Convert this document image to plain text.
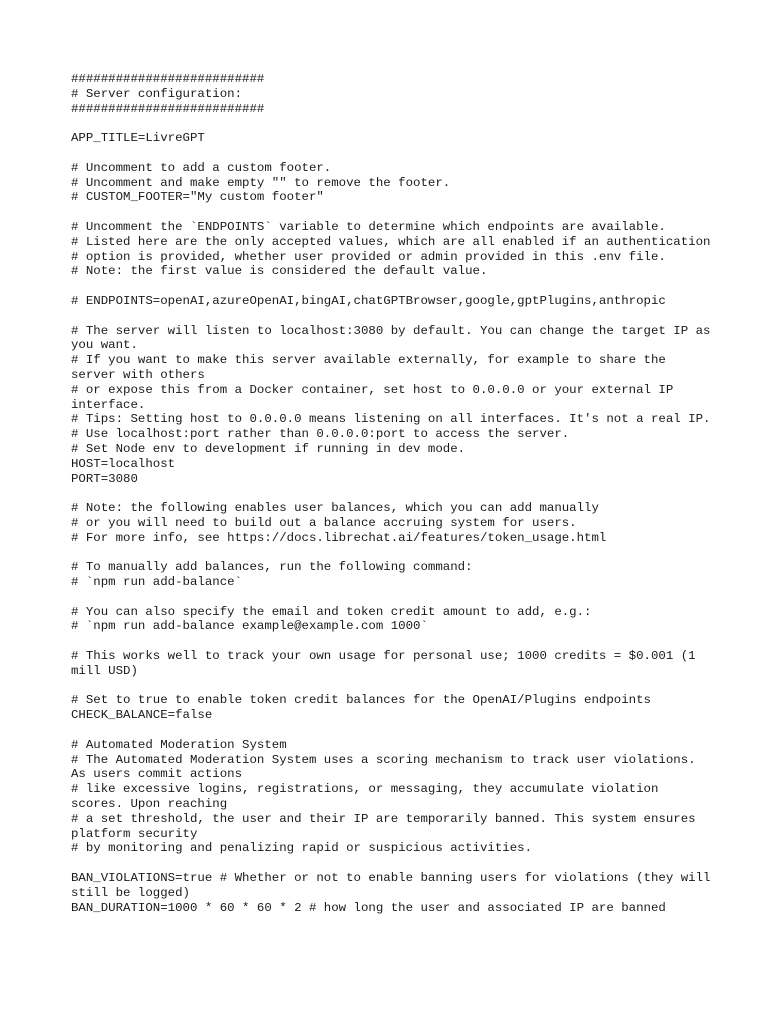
##########################
# Server configuration:
##########################
APP_TITLE=LivreGPT
# Uncomment to add a custom footer.
# Uncomment and make empty "" to remove the footer.
# CUSTOM_FOOTER="My custom footer"
# Uncomment the `ENDPOINTS` variable to determine which endpoints are available.
# Listed here are the only accepted values, which are all enabled if an authentication
# option is provided, whether user provided or admin provided in this .env file.
# Note: the first value is considered the default value.
# ENDPOINTS=openAI,azureOpenAI,bingAI,chatGPTBrowser,google,gptPlugins,anthropic
# The server will listen to localhost:3080 by default. You can change the target IP as you want.
# If you want to make this server available externally, for example to share the server with others
# or expose this from a Docker container, set host to 0.0.0.0 or your external IP interface.
# Tips: Setting host to 0.0.0.0 means listening on all interfaces. It's not a real IP.
# Use localhost:port rather than 0.0.0.0:port to access the server.
# Set Node env to development if running in dev mode.
HOST=localhost
PORT=3080
# Note: the following enables user balances, which you can add manually
# or you will need to build out a balance accruing system for users.
# For more info, see https://docs.librechat.ai/features/token_usage.html
# To manually add balances, run the following command:
# `npm run add-balance`
# You can also specify the email and token credit amount to add, e.g.:
# `npm run add-balance example@example.com 1000`
# This works well to track your own usage for personal use; 1000 credits = $0.001 (1 mill USD)
# Set to true to enable token credit balances for the OpenAI/Plugins endpoints
CHECK_BALANCE=false
# Automated Moderation System
# The Automated Moderation System uses a scoring mechanism to track user violations. As users commit actions
# like excessive logins, registrations, or messaging, they accumulate violation scores. Upon reaching
# a set threshold, the user and their IP are temporarily banned. This system ensures platform security
# by monitoring and penalizing rapid or suspicious activities.
BAN_VIOLATIONS=true # Whether or not to enable banning users for violations (they will still be logged)
BAN_DURATION=1000 * 60 * 60 * 2 # how long the user and associated IP are banned
